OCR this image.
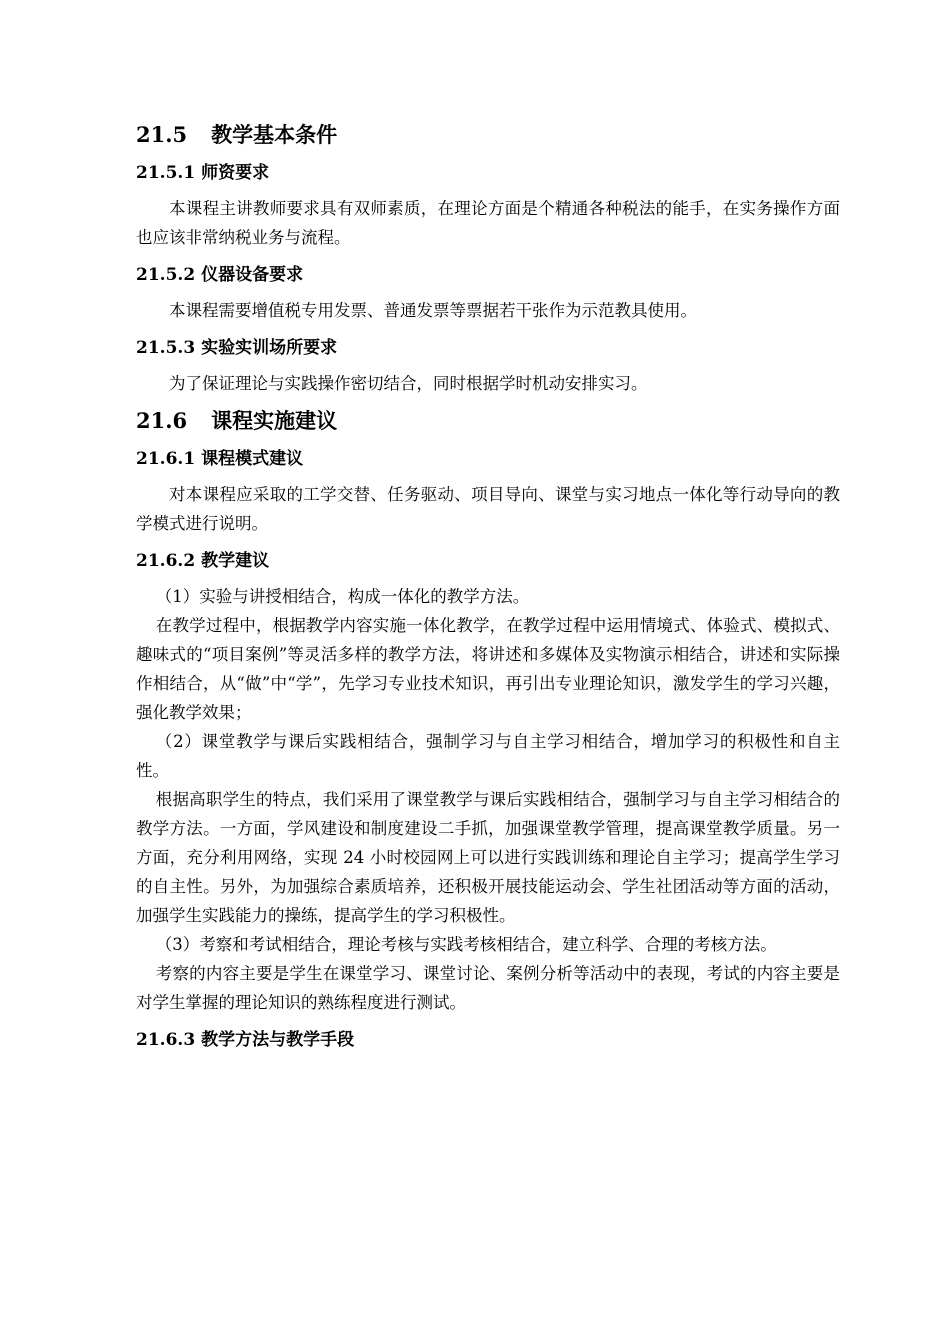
21.5 教学基本条件
21.5.1 师资要求

本课程主讲教师要求具有双师素质，在理论方面是个精通各种税法的能手，在实务操作方面也应该非常纳税业务与流程。

21.5.2 仪器设备要求

本课程需要增值税专用发票、普通发票等票据若干张作为示范教具使用。

21.5.3 实验实训场所要求

为了保证理论与实践操作密切结合，同时根据学时机动安排实习。

21.6 课程实施建议
21.6.1 课程模式建议

对本课程应采取的工学交替、任务驱动、项目导向、课堂与实习地点一体化等行动导向的教学模式进行说明。

21.6.2 教学建议

（1）实验与讲授相结合，构成一体化的教学方法。

在教学过程中，根据教学内容实施一体化教学，在教学过程中运用情境式、体验式、模拟式、趣味式的“项目案例”等灵活多样的教学方法，将讲述和多媒体及实物演示相结合，讲述和实际操作相结合，从“做”中“学”，先学习专业技术知识，再引出专业理论知识，激发学生的学习兴趣，强化教学效果；

（2）课堂教学与课后实践相结合，强制学习与自主学习相结合，增加学习的积极性和自主性。

根据高职学生的特点，我们采用了课堂教学与课后实践相结合，强制学习与自主学习相结合的教学方法。一方面，学风建设和制度建设二手抓，加强课堂教学管理，提高课堂教学质量。另一方面，充分利用网络，实现 24 小时校园网上可以进行实践训练和理论自主学习；提高学生学习的自主性。另外，为加强综合素质培养，还积极开展技能运动会、学生社团活动等方面的活动，加强学生实践能力的操练，提高学生的学习积极性。

（3）考察和考试相结合，理论考核与实践考核相结合，建立科学、合理的考核方法。

考察的内容主要是学生在课堂学习、课堂讨论、案例分析等活动中的表现，考试的内容主要是对学生掌握的理论知识的熟练程度进行测试。

21.6.3 教学方法与教学手段
